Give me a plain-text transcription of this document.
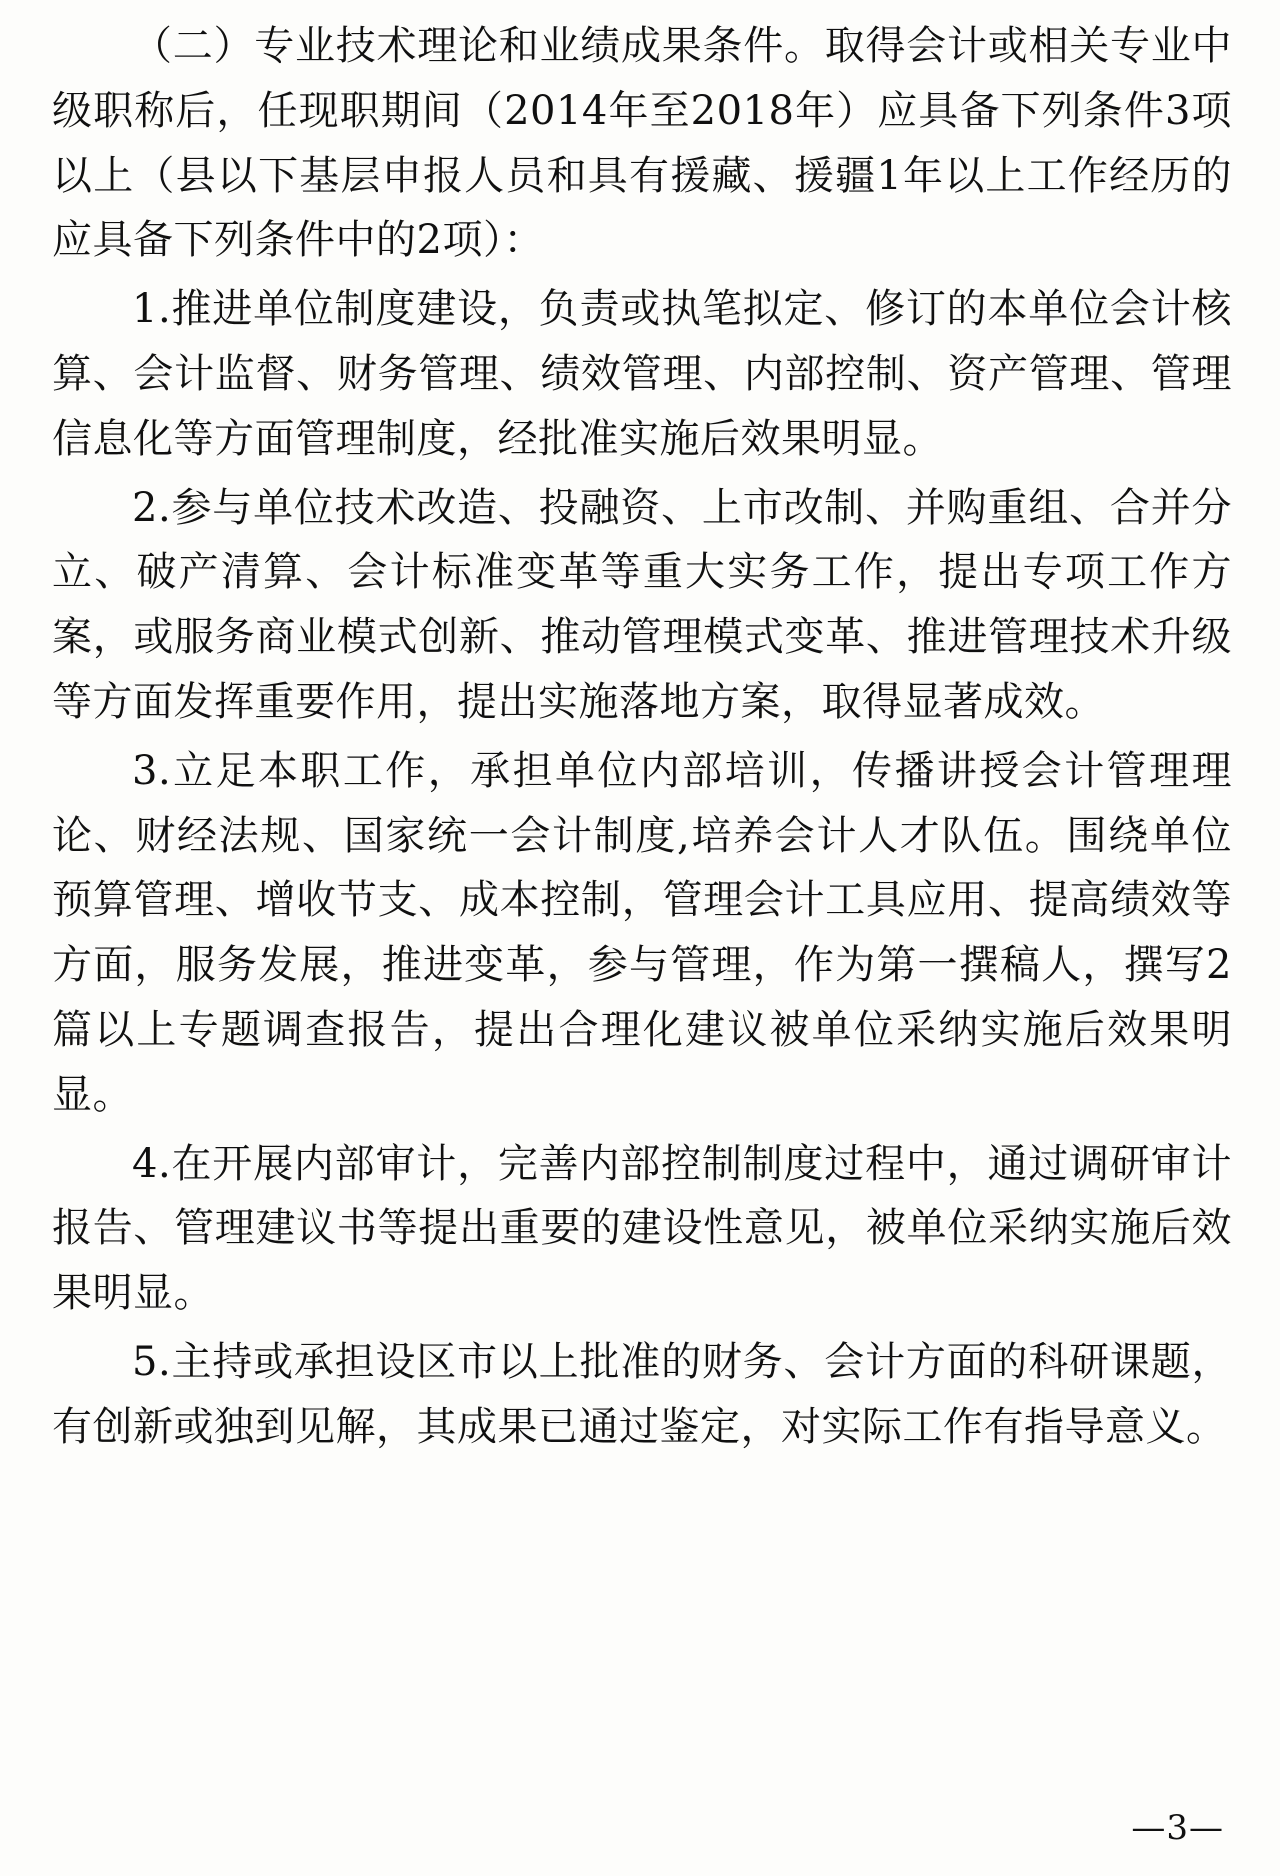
（二）专业技术理论和业绩成果条件。取得会计或相关专业中级职称后，任现职期间（2014年至2018年）应具备下列条件3项以上（县以下基层申报人员和具有援藏、援疆1年以上工作经历的应具备下列条件中的2项）：

1.推进单位制度建设，负责或执笔拟定、修订的本单位会计核算、会计监督、财务管理、绩效管理、内部控制、资产管理、管理信息化等方面管理制度，经批准实施后效果明显。

2.参与单位技术改造、投融资、上市改制、并购重组、合并分立、破产清算、会计标准变革等重大实务工作，提出专项工作方案，或服务商业模式创新、推动管理模式变革、推进管理技术升级等方面发挥重要作用，提出实施落地方案，取得显著成效。

3.立足本职工作，承担单位内部培训，传播讲授会计管理理论、财经法规、国家统一会计制度,培养会计人才队伍。围绕单位预算管理、增收节支、成本控制，管理会计工具应用、提高绩效等方面，服务发展，推进变革，参与管理，作为第一撰稿人，撰写2篇以上专题调查报告，提出合理化建议被单位采纳实施后效果明显。

4.在开展内部审计，完善内部控制制度过程中，通过调研审计报告、管理建议书等提出重要的建设性意见，被单位采纳实施后效果明显。

5.主持或承担设区市以上批准的财务、会计方面的科研课题，有创新或独到见解，其成果已通过鉴定，对实际工作有指导意义。

—3—
